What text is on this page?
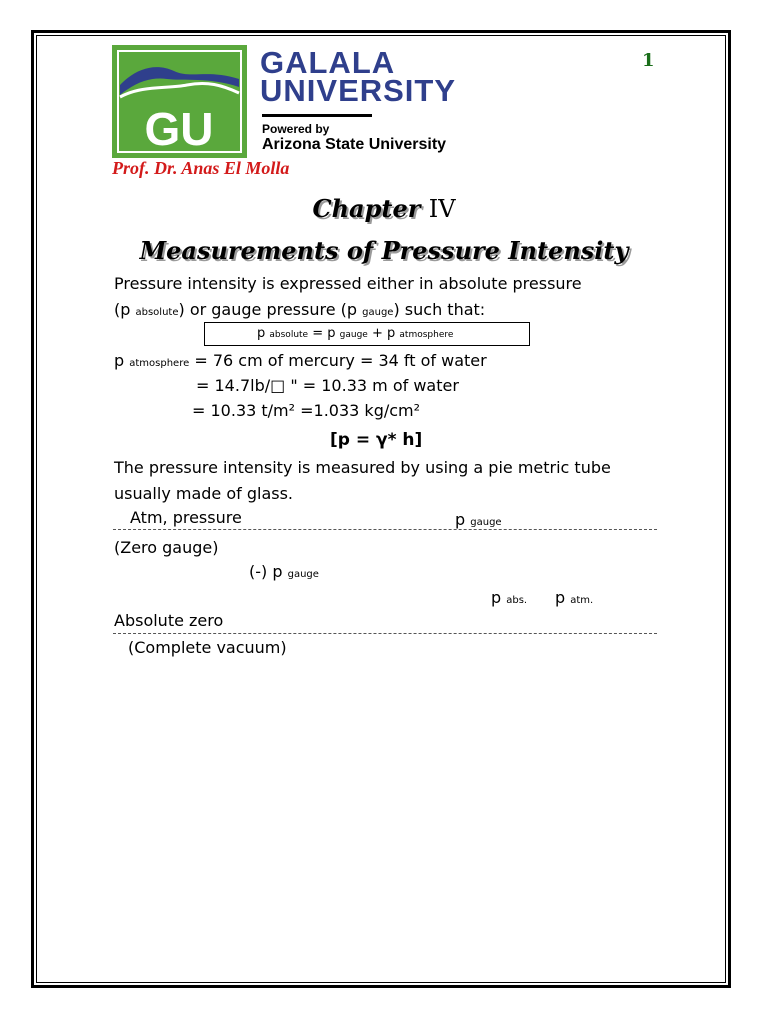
1
GU
GALALA
UNIVERSITY
Powered by
Arizona State University
Prof. Dr. Anas El Molla
Chapter IV
Measurements of Pressure Intensity
Pressure intensity is expressed either in absolute pressure
(p absolute) or gauge pressure (p gauge) such that:
p absolute = p gauge + p atmosphere
p atmosphere = 76 cm of mercury = 34 ft of water
= 14.7lb/□ " = 10.33 m of water
= 10.33 t/m² =1.033 kg/cm²
[p = γ* h]
The pressure intensity is measured by using a pie metric tube
usually made of glass.
Atm, pressure	p gauge
(Zero gauge)
(-) p gauge
p abs. p atm.
Absolute zero
(Complete vacuum)
